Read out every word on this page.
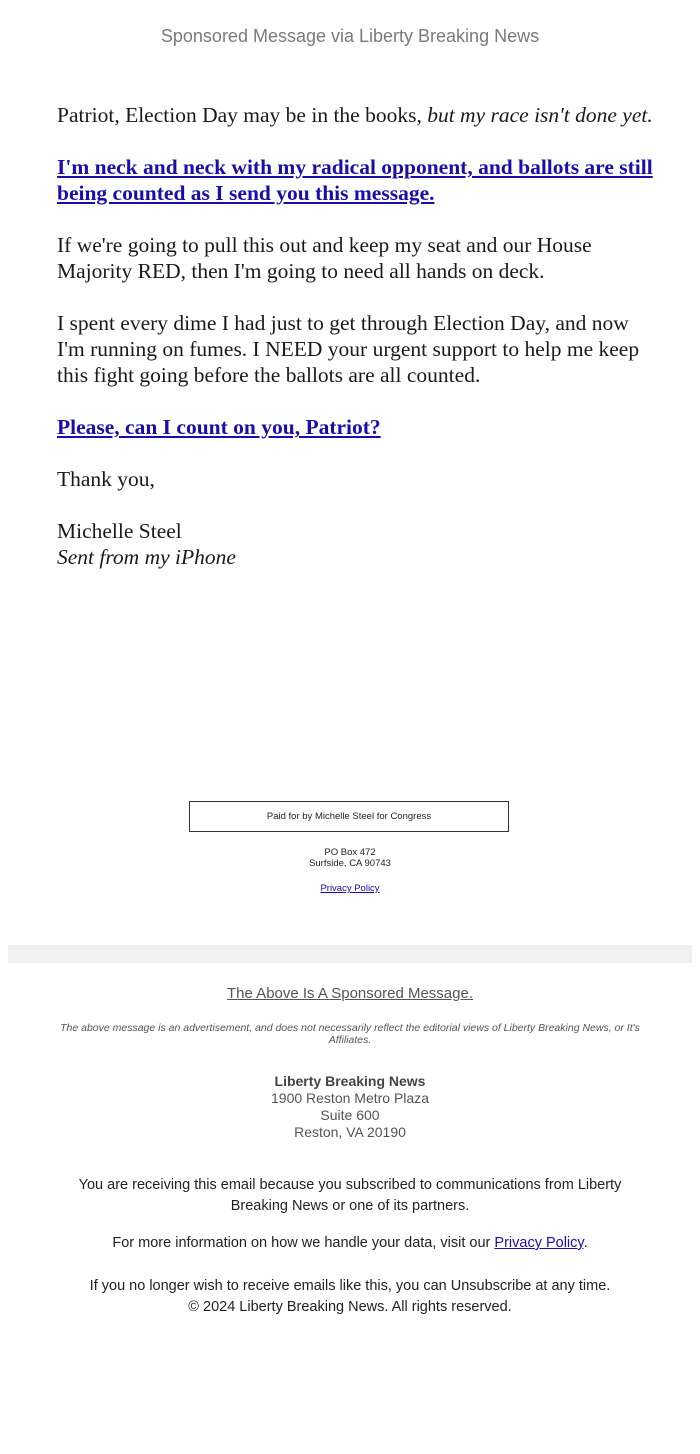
Sponsored Message via Liberty Breaking News

Patriot, Election Day may be in the books, but my race isn't done yet.

I'm neck and neck with my radical opponent, and ballots are still being counted as I send you this message.

If we're going to pull this out and keep my seat and our House Majority RED, then I'm going to need all hands on deck.

I spent every dime I had just to get through Election Day, and now I'm running on fumes. I NEED your urgent support to help me keep this fight going before the ballots are all counted.

Please, can I count on you, Patriot?

Thank you,

Michelle Steel
Sent from my iPhone
Paid for by Michelle Steel for Congress
PO Box 472
Surfside, CA 90743
Privacy Policy
The Above Is A Sponsored Message.
The above message is an advertisement, and does not necessarily reflect the editorial views of Liberty Breaking News, or It's Affiliates.
Liberty Breaking News
1900 Reston Metro Plaza
Suite 600
Reston, VA 20190
You are receiving this email because you subscribed to communications from Liberty Breaking News or one of its partners.
For more information on how we handle your data, visit our Privacy Policy.
If you no longer wish to receive emails like this, you can Unsubscribe at any time.
© 2024 Liberty Breaking News. All rights reserved.
